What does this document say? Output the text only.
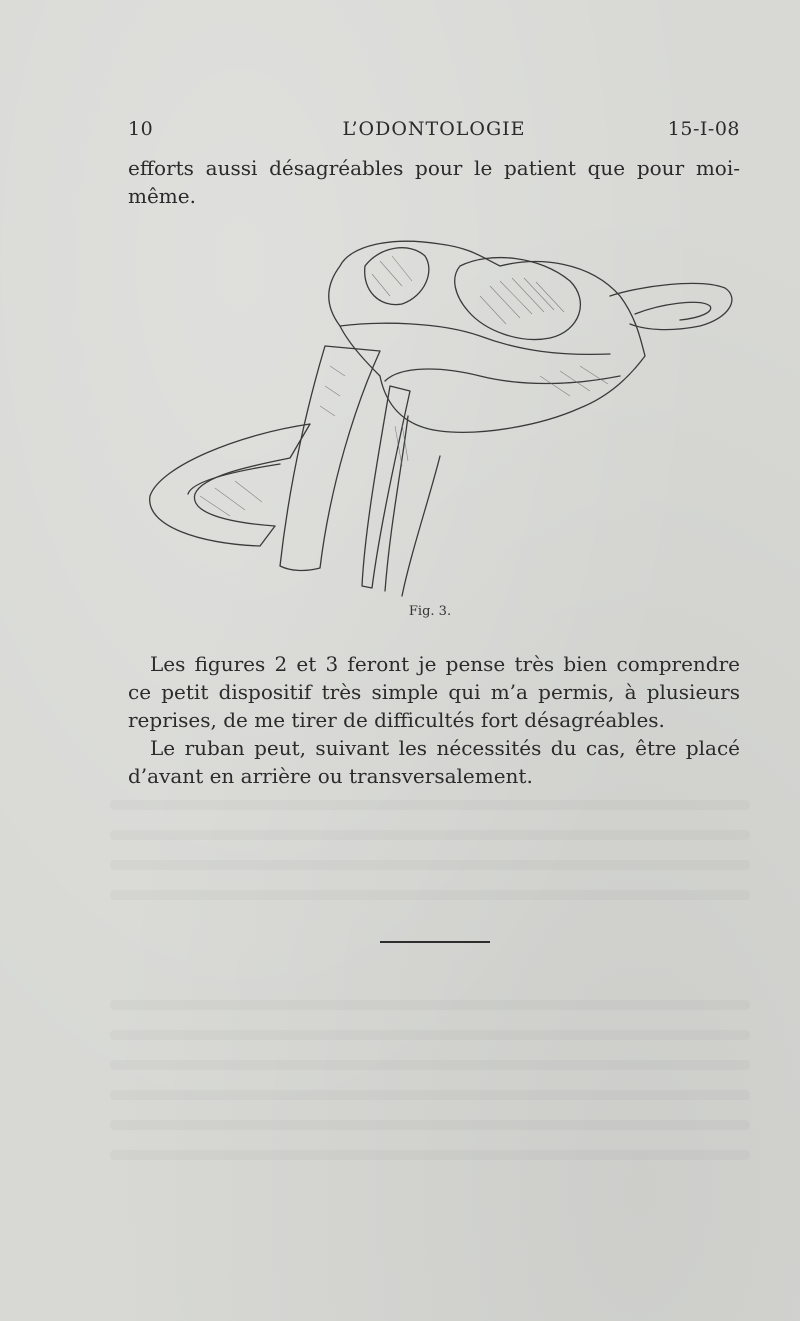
10	L’ODONTOLOGIE	15-I-08

efforts aussi désagréables pour le patient que pour moi-même.

Fig. 3.

Les figures 2 et 3 feront je pense très bien comprendre ce petit dispositif très simple qui m’a permis, à plusieurs reprises, de me tirer de difficultés fort désagréables.

Le ruban peut, suivant les nécessités du cas, être placé d’avant en arrière ou transversalement.
